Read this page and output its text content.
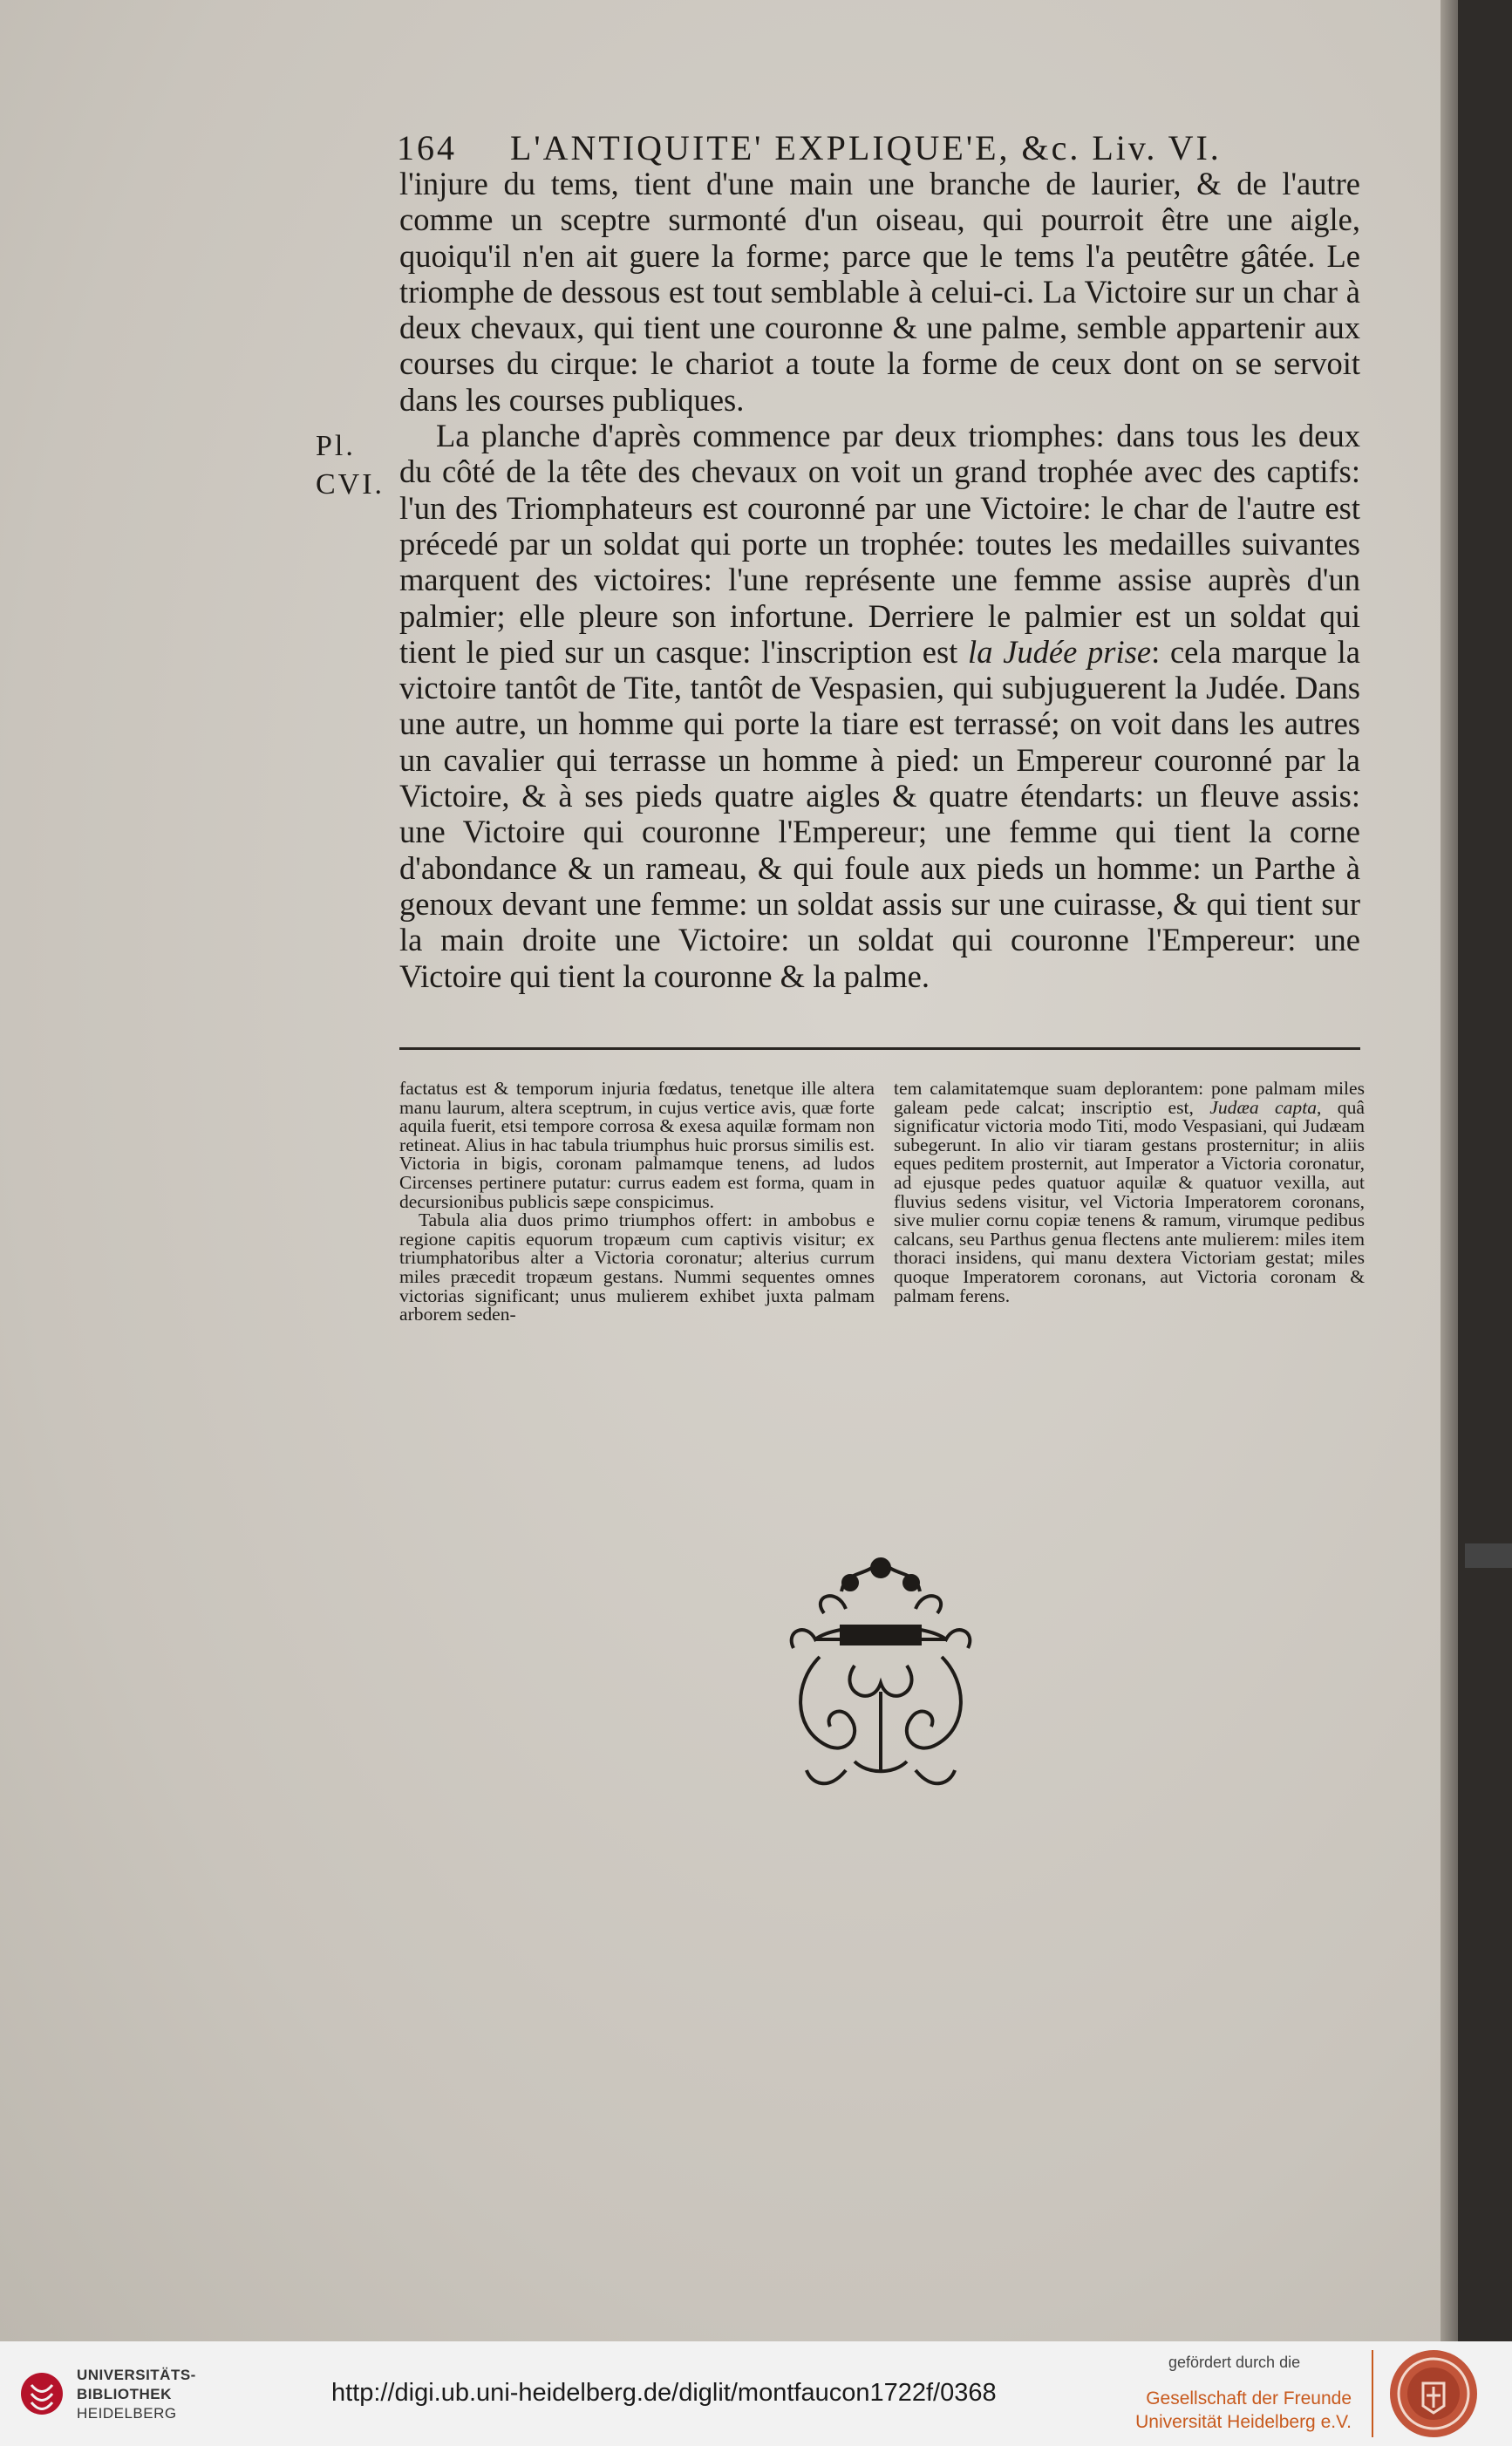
164 L'ANTIQUITE' EXPLIQUE'E, &c. Liv. VI.
Pl.
CVI.

l'injure du tems, tient d'une main une branche de laurier, & de l'autre comme un sceptre surmonté d'un oiseau, qui pourroit être une aigle, quoiqu'il n'en ait guere la forme; parce que le tems l'a peutêtre gâtée. Le triomphe de dessous est tout semblable à celui-ci. La Victoire sur un char à deux chevaux, qui tient une couronne & une palme, semble appartenir aux courses du cirque: le chariot a toute la forme de ceux dont on se servoit dans les courses publiques.

La planche d'après commence par deux triomphes: dans tous les deux du côté de la tête des chevaux on voit un grand trophée avec des captifs: l'un des Triomphateurs est couronné par une Victoire: le char de l'autre est précedé par un soldat qui porte un trophée: toutes les medailles suivantes marquent des victoires: l'une représente une femme assise auprès d'un palmier; elle pleure son infortune. Derriere le palmier est un soldat qui tient le pied sur un casque: l'inscription est la Judée prise: cela marque la victoire tantôt de Tite, tantôt de Vespasien, qui subjuguerent la Judée. Dans une autre, un homme qui porte la tiare est terrassé; on voit dans les autres un cavalier qui terrasse un homme à pied: un Empereur couronné par la Victoire, & à ses pieds quatre aigles & quatre étendarts: un fleuve assis: une Victoire qui couronne l'Empereur; une femme qui tient la corne d'abondance & un rameau, & qui foule aux pieds un homme: un Parthe à genoux devant une femme: un soldat assis sur une cuirasse, & qui tient sur la main droite une Victoire: un soldat qui couronne l'Empereur: une Victoire qui tient la couronne & la palme.

factatus est & temporum injuria fœdatus, tenetque ille altera manu laurum, altera sceptrum, in cujus vertice avis, quæ forte aquila fuerit, etsi tempore corrosa & exesa aquilæ formam non retineat. Alius in hac tabula triumphus huic prorsus similis est. Victoria in bigis, coronam palmamque tenens, ad ludos Circenses pertinere putatur: currus eadem est forma, quam in decursionibus publicis sæpe conspicimus.

Tabula alia duos primo triumphos offert: in ambobus e regione capitis equorum tropæum cum captivis visitur; ex triumphatoribus alter a Victoria coronatur; alterius currum miles præcedit tropæum gestans. Nummi sequentes omnes victorias significant; unus mulierem exhibet juxta palmam arborem seden-

tem calamitatemque suam deplorantem: pone palmam miles galeam pede calcat; inscriptio est, Judæa capta, quâ significatur victoria modo Titi, modo Vespasiani, qui Judæam subegerunt. In alio vir tiaram gestans prosternitur; in aliis eques peditem prosternit, aut Imperator a Victoria coronatur, ad ejusque pedes quatuor aquilæ & quatuor vexilla, aut fluvius sedens visitur, vel Victoria Imperatorem coronans, sive mulier cornu copiæ tenens & ramum, virumque pedibus calcans, seu Parthus genua flectens ante mulierem: miles item thoraci insidens, qui manu dextera Victoriam gestat; miles quoque Imperatorem coronans, aut Victoria coronam & palmam ferens.

UNIVERSITÄTS-
BIBLIOTHEK
HEIDELBERG
http://digi.ub.uni-heidelberg.de/diglit/montfaucon1722f/0368
gefördert durch die
Gesellschaft der Freunde
Universität Heidelberg e.V.
